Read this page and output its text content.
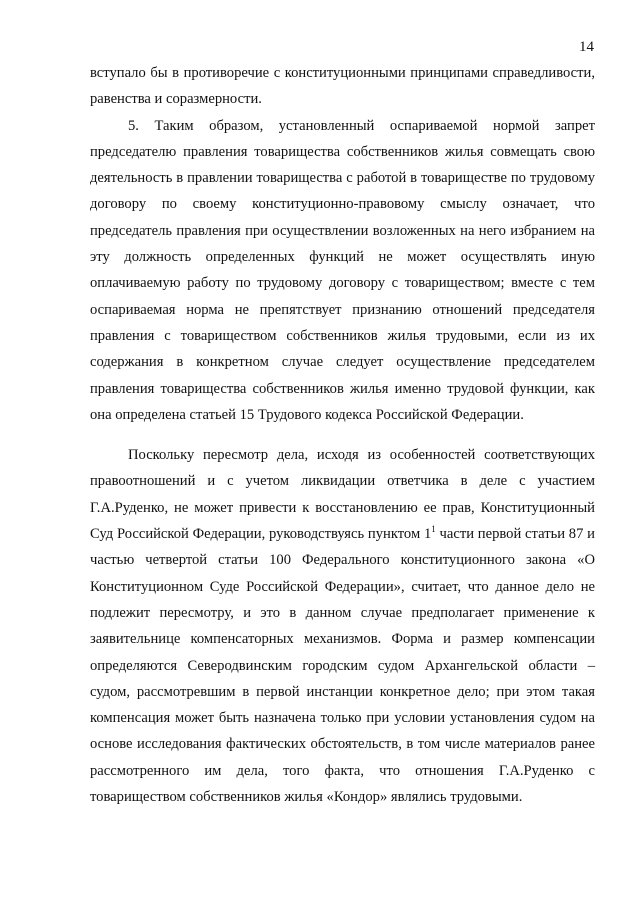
14

вступало бы в противоречие с конституционными принципами справедливости, равенства и соразмерности.

5. Таким образом, установленный оспариваемой нормой запрет председателю правления товарищества собственников жилья совмещать свою деятельность в правлении товарищества с работой в товариществе по трудовому договору по своему конституционно-правовому смыслу означает, что председатель правления при осуществлении возложенных на него избранием на эту должность определенных функций не может осуществлять иную оплачиваемую работу по трудовому договору с товариществом; вместе с тем оспариваемая норма не препятствует признанию отношений председателя правления с товариществом собственников жилья трудовыми, если из их содержания в конкретном случае следует осуществление председателем правления товарищества собственников жилья именно трудовой функции, как она определена статьей 15 Трудового кодекса Российской Федерации.

Поскольку пересмотр дела, исходя из особенностей соответствующих правоотношений и с учетом ликвидации ответчика в деле с участием Г.А.Руденко, не может привести к восстановлению ее прав, Конституционный Суд Российской Федерации, руководствуясь пунктом $1^1$ части первой статьи 87 и частью четвертой статьи 100 Федерального конституционного закона «О Конституционном Суде Российской Федерации», считает, что данное дело не подлежит пересмотру, и это в данном случае предполагает применение к заявительнице компенсаторных механизмов. Форма и размер компенсации определяются Северодвинским городским судом Архангельской области – судом, рассмотревшим в первой инстанции конкретное дело; при этом такая компенсация может быть назначена только при условии установления судом на основе исследования фактических обстоятельств, в том числе материалов ранее рассмотренного им дела, того факта, что отношения Г.А.Руденко с товариществом собственников жилья «Кондор» являлись трудовыми.
